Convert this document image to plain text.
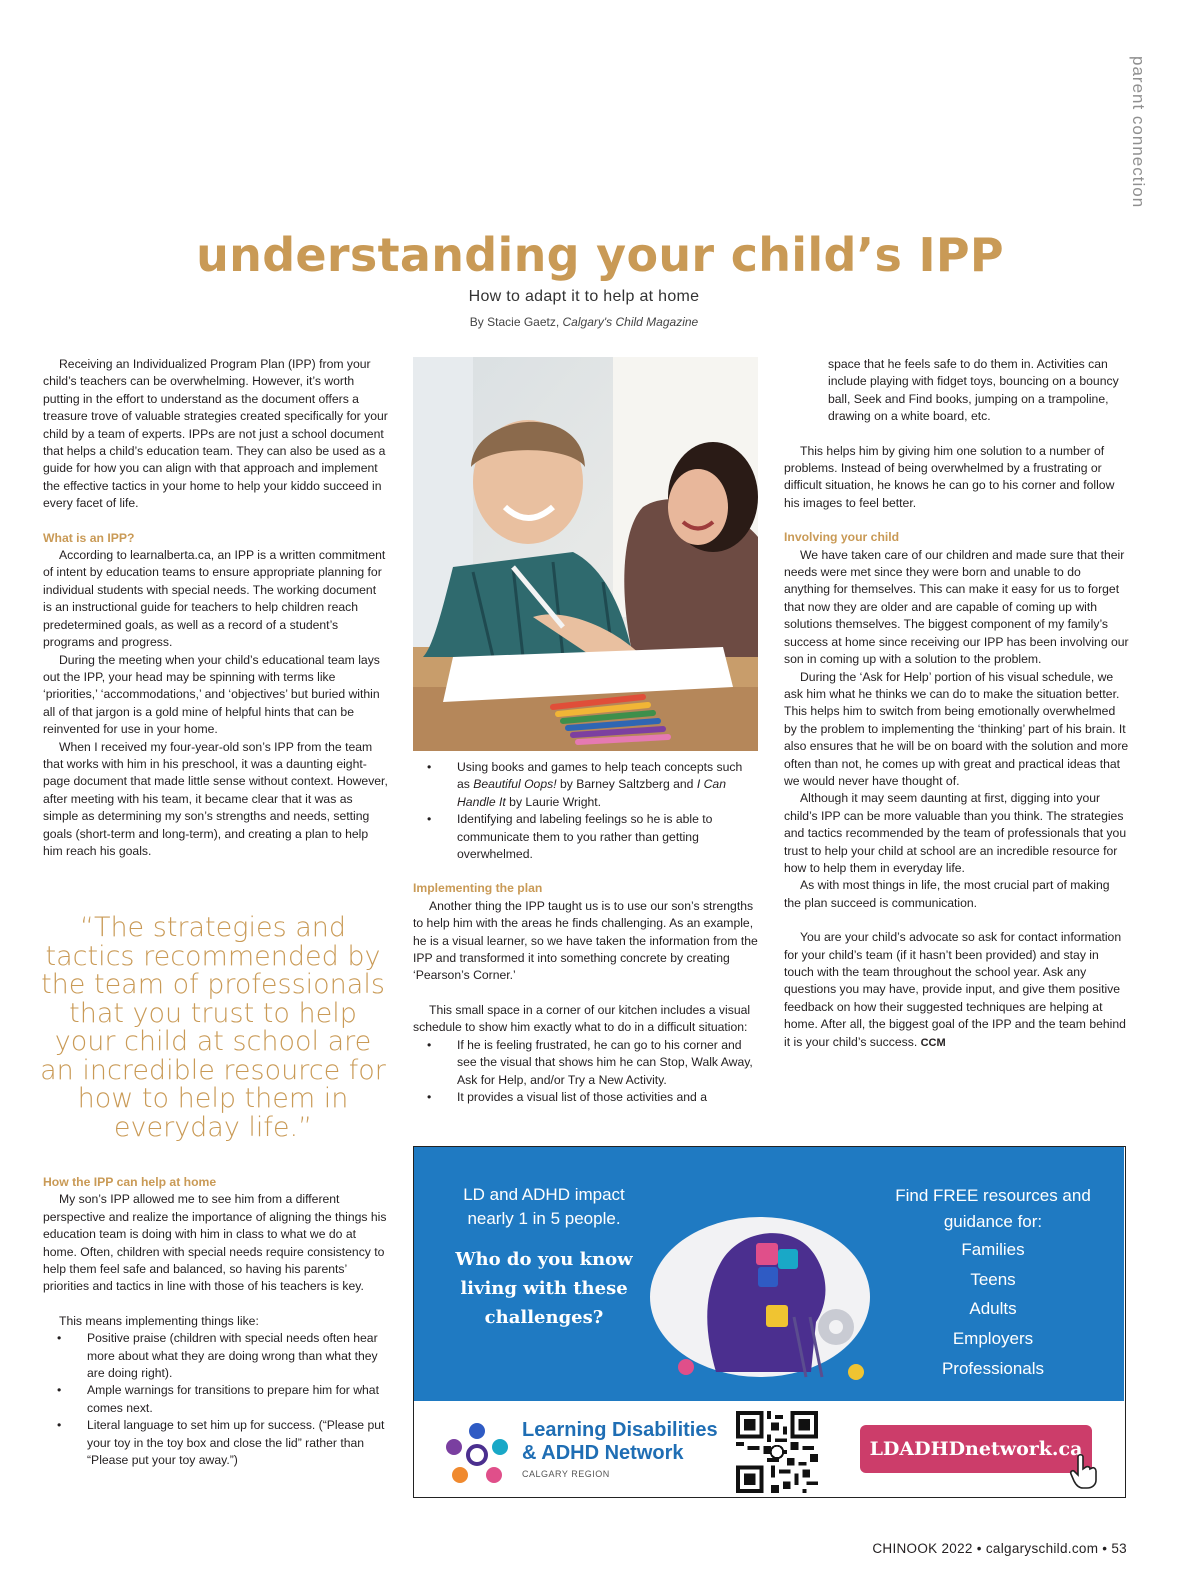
parent connection
understanding your child’s IPP
How to adapt it to help at home
By Stacie Gaetz, Calgary's Child Magazine

Receiving an Individualized Program Plan (IPP) from your child’s teachers can be overwhelming. However, it’s worth putting in the effort to understand as the document offers a treasure trove of valuable strategies created specifically for your child by a team of experts. IPPs are not just a school document that helps a child’s education team. They can also be used as a guide for how you can align with that approach and implement the effective tactics in your home to help your kiddo succeed in every facet of life.

What is an IPP?

According to learnalberta.ca, an IPP is a written commitment of intent by education teams to ensure appropriate planning for individual students with special needs. The working document is an instructional guide for teachers to help children reach predetermined goals, as well as a record of a student’s programs and progress.

During the meeting when your child’s educational team lays out the IPP, your head may be spinning with terms like ‘priorities,’ ‘accommodations,’ and ‘objectives’ but buried within all of that jargon is a gold mine of helpful hints that can be reinvented for use in your home.

When I received my four-year-old son’s IPP from the team that works with him in his preschool, it was a daunting eight-page document that made little sense without context. However, after meeting with his team, it became clear that it was as simple as determining my son’s strengths and needs, setting goals (short-term and long-term), and creating a plan to help him reach his goals.

“The strategies and tactics recommended by the team of professionals that you trust to help your child at school are an incredible resource for how to help them in everyday life.”
How the IPP can help at home

My son’s IPP allowed me to see him from a different perspective and realize the importance of aligning the things his education team is doing with him in class to what we do at home. Often, children with special needs require consistency to help them feel safe and balanced, so having his parents’ priorities and tactics in line with those of his teachers is key.

This means implementing things like:

• Positive praise (children with special needs often hear more about what they are doing wrong than what they are doing right).
• Ample warnings for transitions to prepare him for what comes next.
• Literal language to set him up for success. (“Please put your toy in the toy box and close the lid” rather than “Please put your toy away.”)
• Using books and games to help teach concepts such as Beautiful Oops! by Barney Saltzberg and I Can Handle It by Laurie Wright.
• Identifying and labeling feelings so he is able to communicate them to you rather than getting overwhelmed.
Implementing the plan

Another thing the IPP taught us is to use our son’s strengths to help him with the areas he finds challenging. As an example, he is a visual learner, so we have taken the information from the IPP and transformed it into something concrete by creating ‘Pearson’s Corner.’

This small space in a corner of our kitchen includes a visual schedule to show him exactly what to do in a difficult situation:

• If he is feeling frustrated, he can go to his corner and see the visual that shows him he can Stop, Walk Away, Ask for Help, and/or Try a New Activity.
• It provides a visual list of those activities and a
space that he feels safe to do them in. Activities can include playing with fidget toys, bouncing on a bouncy ball, Seek and Find books, jumping on a trampoline, drawing on a white board, etc.

This helps him by giving him one solution to a number of problems. Instead of being overwhelmed by a frustrating or difficult situation, he knows he can go to his corner and follow his images to feel better.

Involving your child

We have taken care of our children and made sure that their needs were met since they were born and unable to do anything for themselves. This can make it easy for us to forget that now they are older and are capable of coming up with solutions themselves. The biggest component of my family’s success at home since receiving our IPP has been involving our son in coming up with a solution to the problem.

During the ‘Ask for Help’ portion of his visual schedule, we ask him what he thinks we can do to make the situation better. This helps him to switch from being emotionally overwhelmed by the problem to implementing the ‘thinking’ part of his brain. It also ensures that he will be on board with the solution and more often than not, he comes up with great and practical ideas that we would never have thought of.

Although it may seem daunting at first, digging into your child’s IPP can be more valuable than you think. The strategies and tactics recommended by the team of professionals that you trust to help your child at school are an incredible resource for how to help them in everyday life.

As with most things in life, the most crucial part of making the plan succeed is communication.

You are your child’s advocate so ask for contact information for your child’s team (if it hasn’t been provided) and stay in touch with the team throughout the school year. Ask any questions you may have, provide input, and give them positive feedback on how their suggested techniques are helping at home. After all, the biggest goal of the IPP and the team behind it is your child’s success. CCM

LD and ADHD impact nearly 1 in 5 people.
Who do you know living with these challenges?
Find FREE resources and guidance for:
Families
Teens
Adults
Employers
Professionals
Learning Disabilities
& ADHD Network
CALGARY REGION
LDADHDnetwork.ca
CHINOOK 2022 • calgaryschild.com • 53
